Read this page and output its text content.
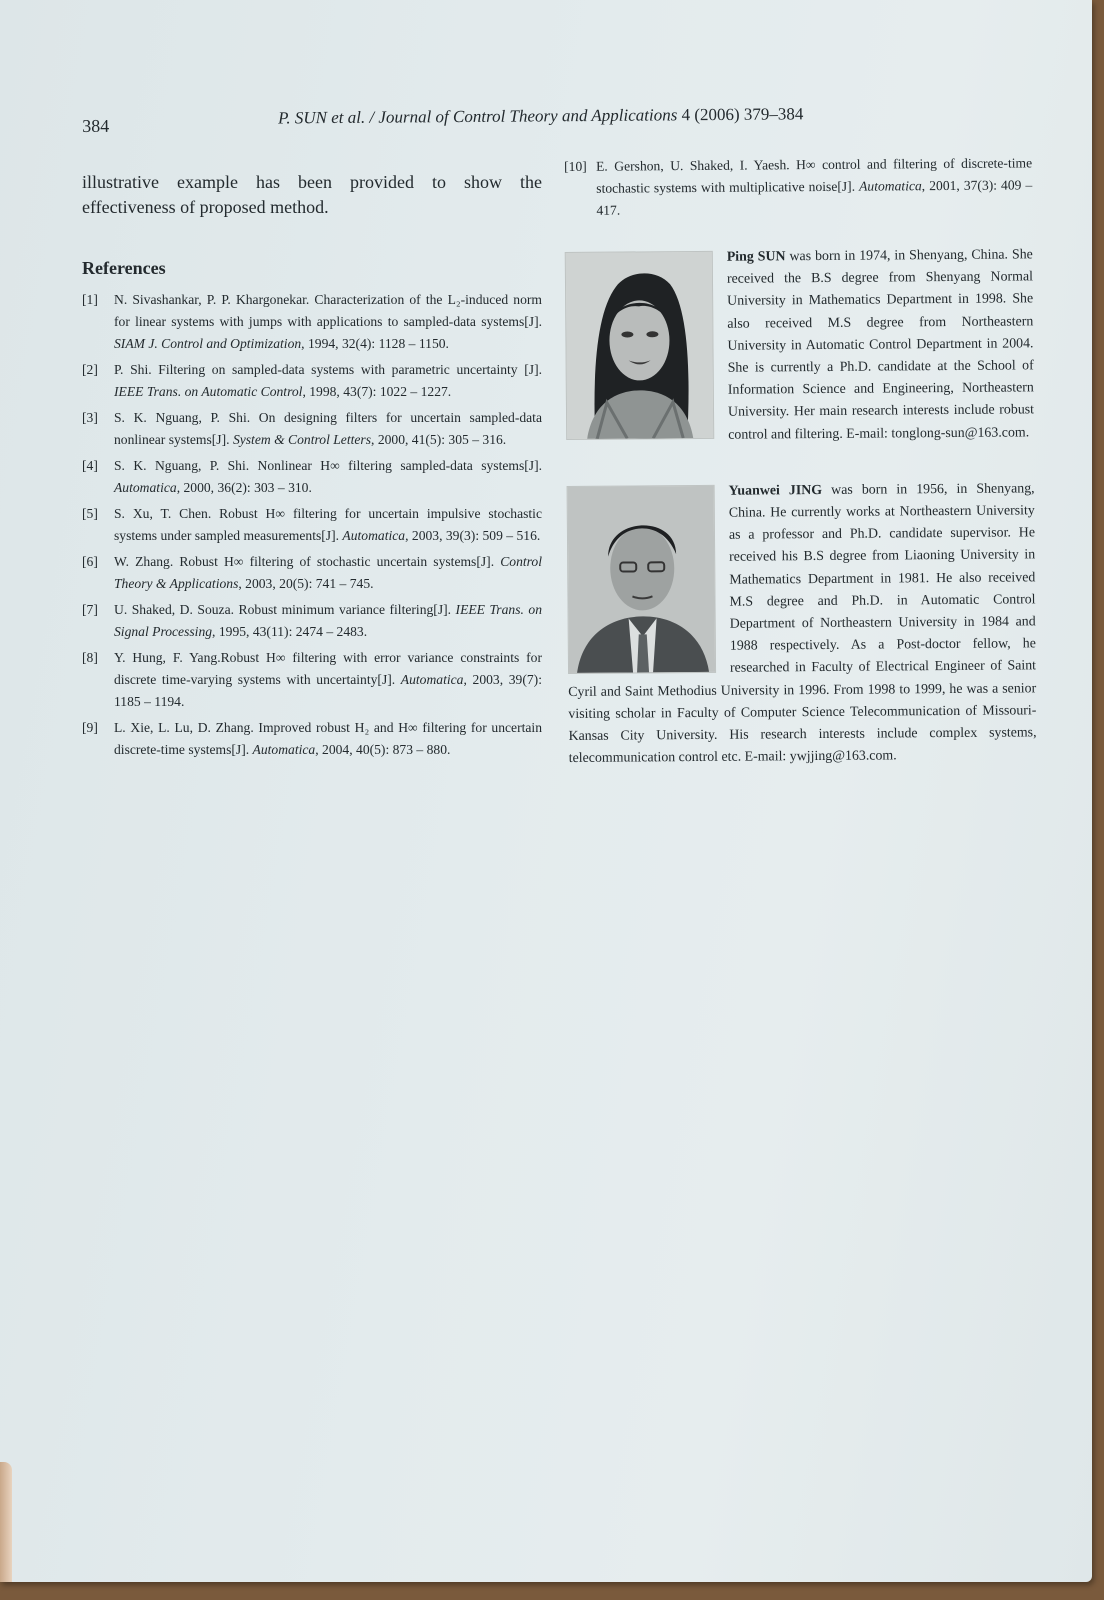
384	P. SUN et al. / Journal of Control Theory and Applications 4 (2006) 379–384

illustrative example has been provided to show the effectiveness of proposed method.

References
[1] N. Sivashankar, P. P. Khargonekar. Characterization of the L₂-induced norm for linear systems with jumps with applications to sampled-data systems[J]. SIAM J. Control and Optimization, 1994, 32(4): 1128 – 1150.
[2] P. Shi. Filtering on sampled-data systems with parametric uncertainty [J]. IEEE Trans. on Automatic Control, 1998, 43(7): 1022 – 1227.
[3] S. K. Nguang, P. Shi. On designing filters for uncertain sampled-data nonlinear systems[J]. System & Control Letters, 2000, 41(5): 305 – 316.
[4] S. K. Nguang, P. Shi. Nonlinear H∞ filtering sampled-data systems[J]. Automatica, 2000, 36(2): 303 – 310.
[5] S. Xu, T. Chen. Robust H∞ filtering for uncertain impulsive stochastic systems under sampled measurements[J]. Automatica, 2003, 39(3): 509 – 516.
[6] W. Zhang. Robust H∞ filtering of stochastic uncertain systems[J]. Control Theory & Applications, 2003, 20(5): 741 – 745.
[7] U. Shaked, D. Souza. Robust minimum variance filtering[J]. IEEE Trans. on Signal Processing, 1995, 43(11): 2474 – 2483.
[8] Y. Hung, F. Yang.Robust H∞ filtering with error variance constraints for discrete time-varying systems with uncertainty[J]. Automatica, 2003, 39(7): 1185 – 1194.
[9] L. Xie, L. Lu, D. Zhang. Improved robust H₂ and H∞ filtering for uncertain discrete-time systems[J]. Automatica, 2004, 40(5): 873 – 880.
[10] E. Gershon, U. Shaked, I. Yaesh. H∞ control and filtering of discrete-time stochastic systems with multiplicative noise[J]. Automatica, 2001, 37(3): 409 – 417.
Ping SUN was born in 1974, in Shenyang, China. She received the B.S degree from Shenyang Normal University in Mathematics Department in 1998. She also received M.S degree from Northeastern University in Automatic Control Department in 2004. She is currently a Ph.D. candidate at the School of Information Science and Engineering, Northeastern University. Her main research interests include robust control and filtering. E-mail: tonglong-sun@163.com.
Yuanwei JING was born in 1956, in Shenyang, China. He currently works at Northeastern University as a professor and Ph.D. candidate supervisor. He received his B.S degree from Liaoning University in Mathematics Department in 1981. He also received M.S degree and Ph.D. in Automatic Control Department of Northeastern University in 1984 and 1988 respectively. As a Post-doctor fellow, he researched in Faculty of Electrical Engineer of Saint Cyril and Saint Methodius University in 1996. From 1998 to 1999, he was a senior visiting scholar in Faculty of Computer Science Telecommunication of Missouri-Kansas City University. His research interests include complex systems, telecommunication control etc. E-mail: ywjjing@163.com.
